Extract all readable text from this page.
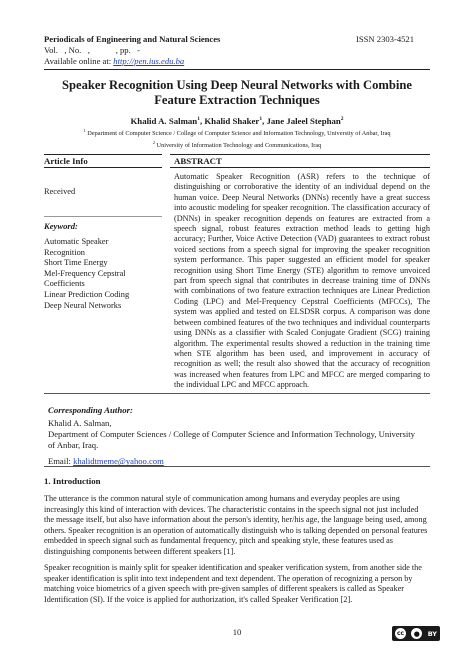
Periodicals of Engineering and Natural Sciences	ISSN 2303-4521
Vol.   , No.   ,            , pp.   -
Available online at: http://pen.ius.edu.ba
Speaker Recognition Using Deep Neural Networks with Combine
Feature Extraction Techniques
Khalid A. Salman$^1$, Khalid Shaker$^1$, Jane Jaleel Stephan$^2$
$^1$ Department of Computer Science / College of Computer Science and Information Technology, University of Anbar, Iraq
$^2$ University of Information Technology and Communications, Iraq
Article Info
Received
Keyword:
Automatic Speaker
Recognition
Short Time Energy
Mel-Frequency Cepstral
Coefficients
Linear Prediction Coding
Deep Neural Networks
ABSTRACT
Automatic Speaker Recognition (ASR) refers to the technique of distinguishing or corroborative the identity of an individual depend on the human voice. Deep Neural Networks (DNNs) recently have a great success into acoustic modeling for speaker recognition. The classification accuracy of (DNNs) in speaker recognition depends on features are extracted from a speech signal, robust features extraction method leads to getting high accuracy; Further, Voice Active Detection (VAD) guarantees to extract robust voiced sections from a speech signal for improving the speaker recognition system performance. This paper suggested an efficient model for speaker recognition using Short Time Energy (STE) algorithm to remove unvoiced part from speech signal that contributes in decrease training time of DNNs with combinations of two feature extraction techniques are Linear Prediction Coding (LPC) and Mel-Frequency Cepstral Coefficients (MFCCs), The system was applied and tested on ELSDSR corpus. A comparison was done between combined features of the two techniques and individual counterparts using DNNs as a classifier with Scaled Conjugate Gradient (SCG) training algorithm. The experimental results showed a reduction in the training time when STE algorithm has been used, and improvement in accuracy of recognition as well; the result also showed that the accuracy of recognition was increased when features from LPC and MFCC are merged comparing to the individual LPC and MFCC approach.
Corresponding Author:
Khalid A. Salman,
Department of Computer Sciences / College of Computer Science and Information Technology, University
of Anbar, Iraq.
Email: khalidtmeme@yahoo.com
1. Introduction
The utterance is the common natural style of communication among humans and everyday peoples are using increasingly this kind of interaction with devices. The characteristic contains in the speech signal not just included the message itself, but also have information about the person's identity, her/his age, the language being used, among others. Speaker recognition is an operation of automatically distinguish who is talking depended on personal features embedded in speech signal such as fundamental frequency, pitch and speaking style, these features used as distinguishing components between different speakers [1].
Speaker recognition is mainly split for speaker identification and speaker verification system, from another side the speaker identification is split into text independent and text dependent. The operation of recognizing a person by matching voice biometrics of a given speech with pre-given samples of different speakers is called as Speaker Identification (SI). If the voice is applied for authorization, it's called Speaker Verification [2].
10	cc	●	BY
